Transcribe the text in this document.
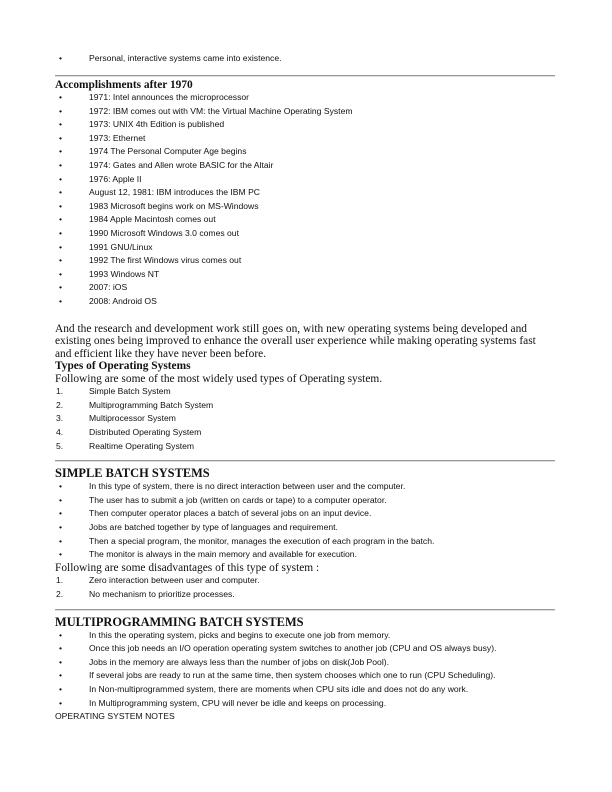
•	Personal, interactive systems came into existence.
Accomplishments after 1970
•	1971: Intel announces the microprocessor
•	1972: IBM comes out with VM: the Virtual Machine Operating System
•	1973: UNIX 4th Edition is published
•	1973: Ethernet
•	1974 The Personal Computer Age begins
•	1974: Gates and Allen wrote BASIC for the Altair
•	1976: Apple II
•	August 12, 1981: IBM introduces the IBM PC
•	1983 Microsoft begins work on MS-Windows
•	1984 Apple Macintosh comes out
•	1990 Microsoft Windows 3.0 comes out
•	1991 GNU/Linux
•	1992 The first Windows virus comes out
•	1993 Windows NT
•	2007: iOS
•	2008: Android OS

And the research and development work still goes on, with new operating systems being developed and existing ones being improved to enhance the overall user experience while making operating systems fast and efficient like they have never been before.

Types of Operating Systems
Following are some of the most widely used types of Operating system.
1.	Simple Batch System
2.	Multiprogramming Batch System
3.	Multiprocessor System
4.	Distributed Operating System
5.	Realtime Operating System
SIMPLE BATCH SYSTEMS
•	In this type of system, there is no direct interaction between user and the computer.
•	The user has to submit a job (written on cards or tape) to a computer operator.
•	Then computer operator places a batch of several jobs on an input device.
•	Jobs are batched together by type of languages and requirement.
•	Then a special program, the monitor, manages the execution of each program in the batch.
•	The monitor is always in the main memory and available for execution.
Following are some disadvantages of this type of system :
1.	Zero interaction between user and computer.
2.	No mechanism to prioritize processes.
MULTIPROGRAMMING BATCH SYSTEMS
•	In this the operating system, picks and begins to execute one job from memory.
•	Once this job needs an I/O operation operating system switches to another job (CPU and OS always busy).
•	Jobs in the memory are always less than the number of jobs on disk(Job Pool).
•	If several jobs are ready to run at the same time, then system chooses which one to run (CPU Scheduling).
•	In Non-multiprogrammed system, there are moments when CPU sits idle and does not do any work.
•	In Multiprogramming system, CPU will never be idle and keeps on processing.
OPERATING SYSTEM NOTES
